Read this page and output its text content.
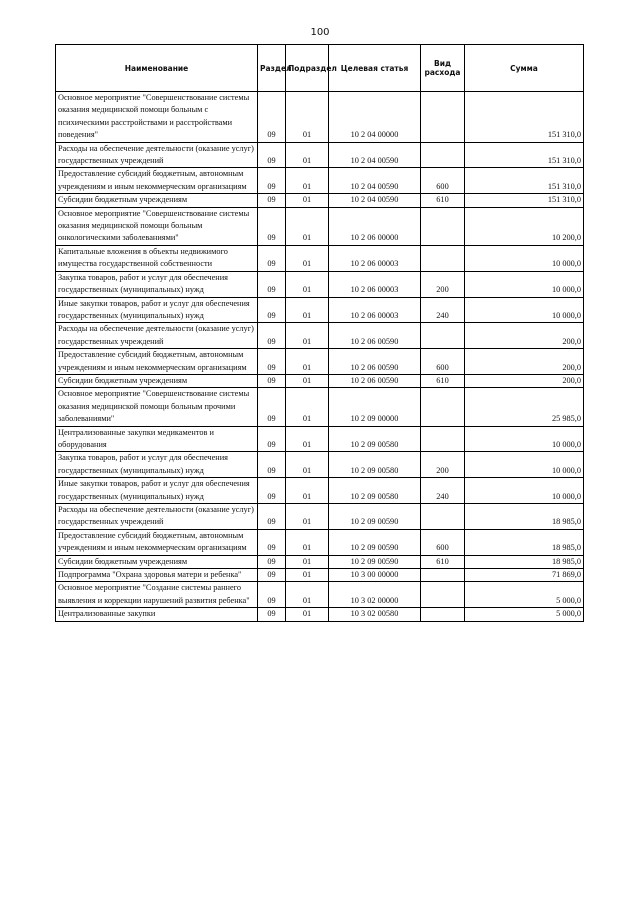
100
Наименование	Раздел	Подраздел	Целевая статья	Вид расхода	Сумма
Основное мероприятие "Совершенствование системы оказания медицинской помощи больным с психическими расстройствами и расстройствами поведения"	09	01	10 2 04 00000		151 310,0
Расходы на обеспечение деятельности (оказание услуг) государственных учреждений	09	01	10 2 04 00590		151 310,0
Предоставление субсидий бюджетным, автономным учреждениям и иным некоммерческим организациям	09	01	10 2 04 00590	600	151 310,0
Субсидии бюджетным учреждениям	09	01	10 2 04 00590	610	151 310,0
Основное мероприятие "Совершенствование системы оказания медицинской помощи больным онкологическими заболеваниями"	09	01	10 2 06 00000		10 200,0
Капитальные вложения в объекты недвижимого имущества государственной собственности	09	01	10 2 06 00003		10 000,0
Закупка товаров, работ и услуг для обеспечения государственных (муниципальных) нужд	09	01	10 2 06 00003	200	10 000,0
Иные закупки товаров, работ и услуг для обеспечения государственных (муниципальных) нужд	09	01	10 2 06 00003	240	10 000,0
Расходы на обеспечение деятельности (оказание услуг) государственных учреждений	09	01	10 2 06 00590		200,0
Предоставление субсидий бюджетным, автономным учреждениям и иным некоммерческим организациям	09	01	10 2 06 00590	600	200,0
Субсидии бюджетным учреждениям	09	01	10 2 06 00590	610	200,0
Основное мероприятие "Совершенствование системы оказания медицинской помощи больным прочими заболеваниями"	09	01	10 2 09 00000		25 985,0
Централизованные закупки медикаментов и оборудования	09	01	10 2 09 00580		10 000,0
Закупка товаров, работ и услуг для обеспечения государственных (муниципальных) нужд	09	01	10 2 09 00580	200	10 000,0
Иные закупки товаров, работ и услуг для обеспечения государственных (муниципальных) нужд	09	01	10 2 09 00580	240	10 000,0
Расходы на обеспечение деятельности (оказание услуг) государственных учреждений	09	01	10 2 09 00590		18 985,0
Предоставление субсидий бюджетным, автономным учреждениям и иным некоммерческим организациям	09	01	10 2 09 00590	600	18 985,0
Субсидии бюджетным учреждениям	09	01	10 2 09 00590	610	18 985,0
Подпрограмма "Охрана здоровья матери и ребенка"	09	01	10 3 00 00000		71 869,0
Основное мероприятие "Создание системы раннего выявления и коррекции нарушений развития ребенка"	09	01	10 3 02 00000		5 000,0
Централизованные закупки	09	01	10 3 02 00580		5 000,0
